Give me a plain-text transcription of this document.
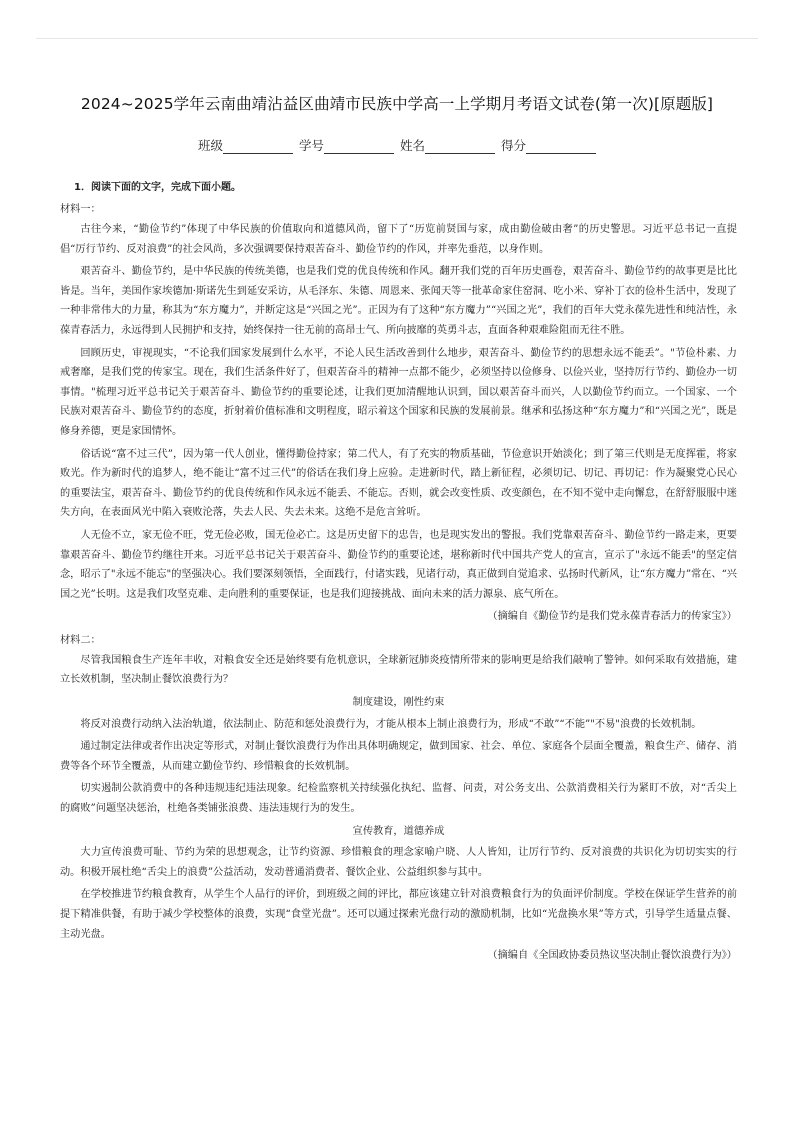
2024~2025学年云南曲靖沾益区曲靖市民族中学高一上学期月考语文试卷(第一次)[原题版]
班级	学号	姓名	得分
1．阅读下面的文字，完成下面小题。
材料一：

古往今来，“勤俭节约”体现了中华民族的价值取向和道德风尚，留下了“历览前贤国与家，成由勤俭破由奢”的历史警思。习近平总书记一直提倡“厉行节约、反对浪费”的社会风尚，多次强调要保持艰苦奋斗、勤俭节约的作风，并率先垂范，以身作则。

艰苦奋斗、勤俭节约，是中华民族的传统美德，也是我们党的优良传统和作风。翻开我们党的百年历史画卷，艰苦奋斗、勤俭节约的故事更是比比皆是。当年，美国作家埃德加·斯诺先生到延安采访，从毛泽东、朱德、周恩来、张闻天等一批革命家住窑洞、吃小米、穿补丁衣的俭朴生活中，发现了一种非常伟大的力量，称其为“东方魔力”，并断定这是“兴国之光”。正因为有了这种“东方魔力”“兴国之光”，我们的百年大党永葆先进性和纯洁性，永葆青春活力，永远得到人民拥护和支持，始终保持一往无前的高昂士气、所向披靡的英勇斗志，直面各种艰难险阻而无往不胜。

回顾历史，审视现实，“不论我们国家发展到什么水平，不论人民生活改善到什么地步，艰苦奋斗、勤俭节约的思想永远不能丢”。"节俭朴素、力戒奢靡，是我们党的传家宝。现在，我们生活条件好了，但艰苦奋斗的精神一点都不能少，必须坚持以俭修身、以俭兴业，坚持厉行节约、勤俭办一切事情。"梳理习近平总书记关于艰苦奋斗、勤俭节约的重要论述，让我们更加清醒地认识到，国以艰苦奋斗而兴，人以勤俭节约而立。一个国家、一个民族对艰苦奋斗、勤俭节约的态度，折射着价值标准和文明程度，昭示着这个国家和民族的发展前景。继承和弘扬这种“东方魔力”和“兴国之光”，既是修身养德，更是家国情怀。

俗话说“富不过三代”，因为第一代人创业，懂得勤俭持家；第二代人，有了充实的物质基础，节俭意识开始淡化；到了第三代则是无度挥霍，将家败光。作为新时代的追梦人，绝不能让“富不过三代”的俗话在我们身上应验。走进新时代，踏上新征程，必须切记、切记、再切记：作为凝聚党心民心的重要法宝，艰苦奋斗、勤俭节约的优良传统和作风永远不能丢、不能忘。否则，就会改变性质、改变颜色，在不知不觉中走向懈怠，在舒舒服服中迷失方向，在表面风光中陷入衰败沦落，失去人民、失去未来。这绝不是危言耸听。

人无俭不立，家无俭不旺，党无俭必败，国无俭必亡。这是历史留下的忠告，也是现实发出的警报。我们党靠艰苦奋斗、勤俭节约一路走来，更要靠艰苦奋斗、勤俭节约继往开来。习近平总书记关于艰苦奋斗、勤俭节约的重要论述，堪称新时代中国共产党人的宣言，宣示了"永远不能丢"的坚定信念，昭示了"永远不能忘"的坚强决心。我们要深刻领悟，全面践行，付诸实践，见诸行动，真正做到自觉追求、弘扬时代新风，让“东方魔力”常在、“兴国之光”长明。这是我们攻坚克难、走向胜利的重要保证，也是我们迎接挑战、面向未来的活力源泉、底气所在。

（摘编自《勤俭节约是我们党永葆青春活力的传家宝》）
材料二：

尽管我国粮食生产连年丰收，对粮食安全还是始终要有危机意识，全球新冠肺炎疫情所带来的影响更是给我们敲响了警钟。如何采取有效措施，建立长效机制，坚决制止餐饮浪费行为？

制度建设，刚性约束

将反对浪费行动纳入法治轨道，依法制止、防范和惩处浪费行为，才能从根本上制止浪费行为，形成“不敢”“不能”"不易"浪费的长效机制。

通过制定法律或者作出决定等形式，对制止餐饮浪费行为作出具体明确规定，做到国家、社会、单位、家庭各个层面全覆盖，粮食生产、储存、消费等各个环节全覆盖，从而建立勤俭节约、珍惜粮食的长效机制。

切实遏制公款消费中的各种违规违纪违法现象。纪检监察机关持续强化执纪、监督、问责，对公务支出、公款消费相关行为紧盯不放，对“舌尖上的腐败”问题坚决惩治，杜绝各类铺张浪费、违法违规行为的发生。

宣传教育，道德养成

大力宣传浪费可耻、节约为荣的思想观念，让节约资源、珍惜粮食的理念家喻户晓、人人皆知，让厉行节约、反对浪费的共识化为切切实实的行动。积极开展杜绝“舌尖上的浪费”公益活动，发动普通消费者、餐饮企业、公益组织参与其中。

在学校推进节约粮食教育，从学生个人品行的评价，到班级之间的评比，都应该建立针对浪费粮食行为的负面评价制度。学校在保证学生营养的前提下精准供餐，有助于减少学校整体的浪费，实现“食堂光盘”。还可以通过探索光盘行动的激励机制，比如“光盘换水果”等方式，引导学生适量点餐、主动光盘。

（摘编自《全国政协委员热议坚决制止餐饮浪费行为》）
